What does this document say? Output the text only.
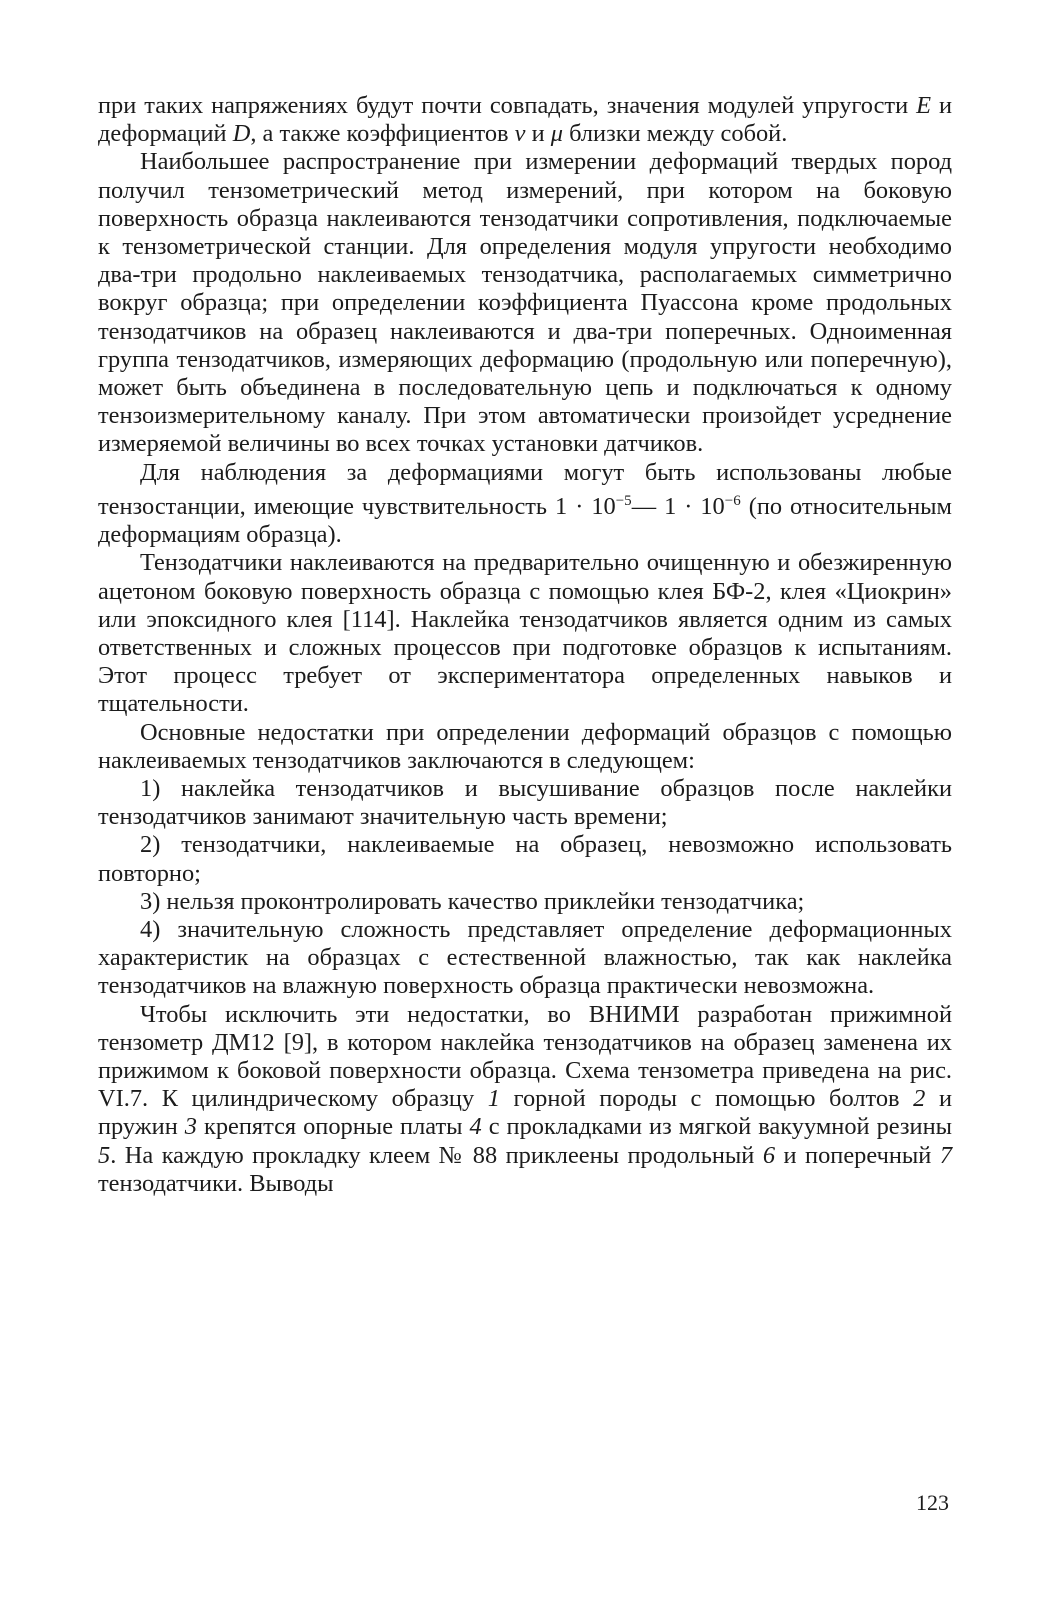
при таких напряжениях будут почти совпадать, значения модулей упругости E и деформаций D, а также коэффициентов ν и μ близки между собой.

Наибольшее распространение при измерении деформаций твердых пород получил тензометрический метод измерений, при котором на боковую поверхность образца наклеиваются тензодатчики сопротивления, подключаемые к тензометрической станции. Для определения модуля упругости необходимо два-три продольно наклеиваемых тензодатчика, располагаемых симметрично вокруг образца; при определении коэффициента Пуассона кроме продольных тензодатчиков на образец наклеиваются и два-три поперечных. Одноименная группа тензодатчиков, измеряющих деформацию (продольную или поперечную), может быть объединена в последовательную цепь и подключаться к одному тензоизмерительному каналу. При этом автоматически произойдет усреднение измеряемой величины во всех точках установки датчиков.

Для наблюдения за деформациями могут быть использованы любые тензостанции, имеющие чувствительность $1 \cdot 10^{-5}—$ $1 \cdot 10^{-6}$ (по относительным деформациям образца).

Тензодатчики наклеиваются на предварительно очищенную и обезжиренную ацетоном боковую поверхность образца с помощью клея БФ-2, клея «Циокрин» или эпоксидного клея [114]. Наклейка тензодатчиков является одним из самых ответственных и сложных процессов при подготовке образцов к испытаниям. Этот процесс требует от экспериментатора определенных навыков и тщательности.

Основные недостатки при определении деформаций образцов с помощью наклеиваемых тензодатчиков заключаются в следующем:

1) наклейка тензодатчиков и высушивание образцов после наклейки тензодатчиков занимают значительную часть времени;

2) тензодатчики, наклеиваемые на образец, невозможно использовать повторно;

3) нельзя проконтролировать качество приклейки тензодатчика;

4) значительную сложность представляет определение деформационных характеристик на образцах с естественной влажностью, так как наклейка тензодатчиков на влажную поверхность образца практически невозможна.

Чтобы исключить эти недостатки, во ВНИМИ разработан прижимной тензометр ДМ12 [9], в котором наклейка тензодатчиков на образец заменена их прижимом к боковой поверхности образца. Схема тензометра приведена на рис. VI.7. К цилиндрическому образцу 1 горной породы с помощью болтов 2 и пружин 3 крепятся опорные платы 4 с прокладками из мягкой вакуумной резины 5. На каждую прокладку клеем № 88 приклеены продольный 6 и поперечный 7 тензодатчики. Выводы

123
